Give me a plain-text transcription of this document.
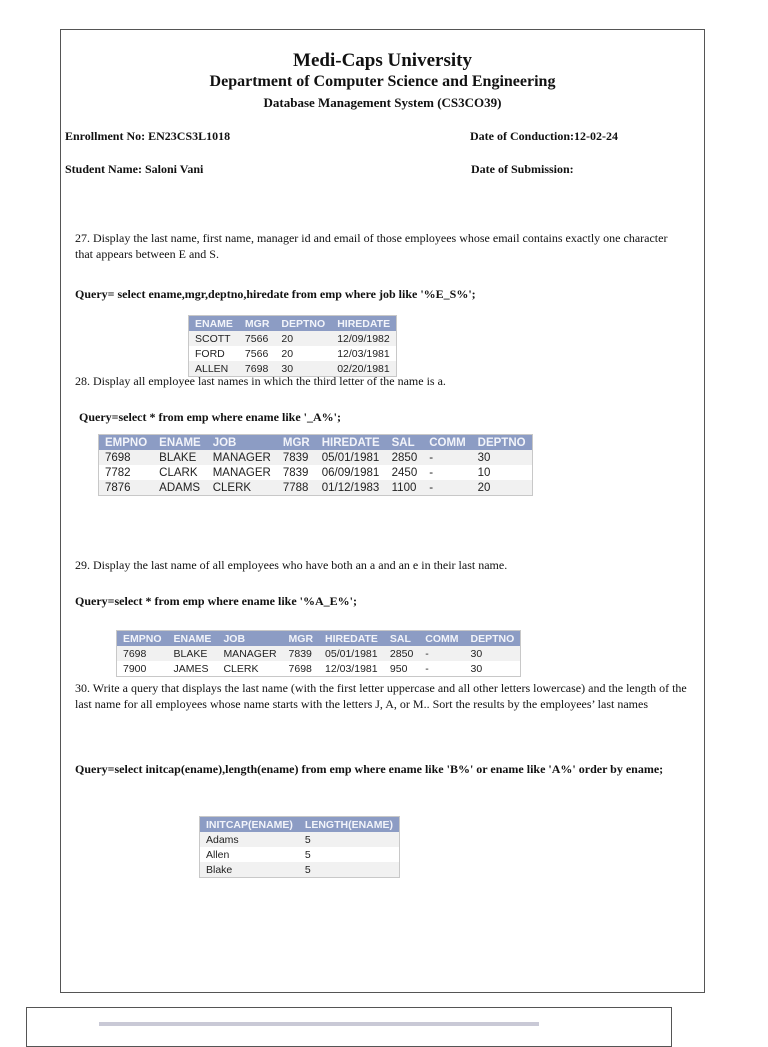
Medi-Caps University
Department of Computer Science and Engineering
Database Management System (CS3CO39)
Enrollment No: EN23CS3L1018	Date of Conduction:12-02-24
Student Name: Saloni Vani	Date of Submission:
27. Display the last name, first name, manager id and email of those employees whose email contains exactly one character that appears between E and S.
Query= select ename,mgr,deptno,hiredate from emp where job like '%E_S%';
ENAME	MGR	DEPTNO	HIREDATE
SCOTT	7566	20	12/09/1982
FORD	7566	20	12/03/1981
ALLEN	7698	30	02/20/1981
28. Display all employee last names in which the third letter of the name is a.
Query=select * from emp where ename like '_A%';
EMPNO	ENAME	JOB	MGR	HIREDATE	SAL	COMM	DEPTNO
7698	BLAKE	MANAGER	7839	05/01/1981	2850	-	30
7782	CLARK	MANAGER	7839	06/09/1981	2450	-	10
7876	ADAMS	CLERK	7788	01/12/1983	1100	-	20
29. Display the last name of all employees who have both an a and an e in their last name.
Query=select * from emp where ename like '%A_E%';
EMPNO	ENAME	JOB	MGR	HIREDATE	SAL	COMM	DEPTNO
7698	BLAKE	MANAGER	7839	05/01/1981	2850	-	30
7900	JAMES	CLERK	7698	12/03/1981	950	-	30
30. Write a query that displays the last name (with the first letter uppercase and all other letters lowercase) and the length of the last name for all employees whose name starts with the letters J, A, or M.. Sort the results by the employees’ last names
Query=select initcap(ename),length(ename) from emp where ename like 'B%' or ename like 'A%' order by ename;
INITCAP(ENAME)	LENGTH(ENAME)
Adams	5
Allen	5
Blake	5
